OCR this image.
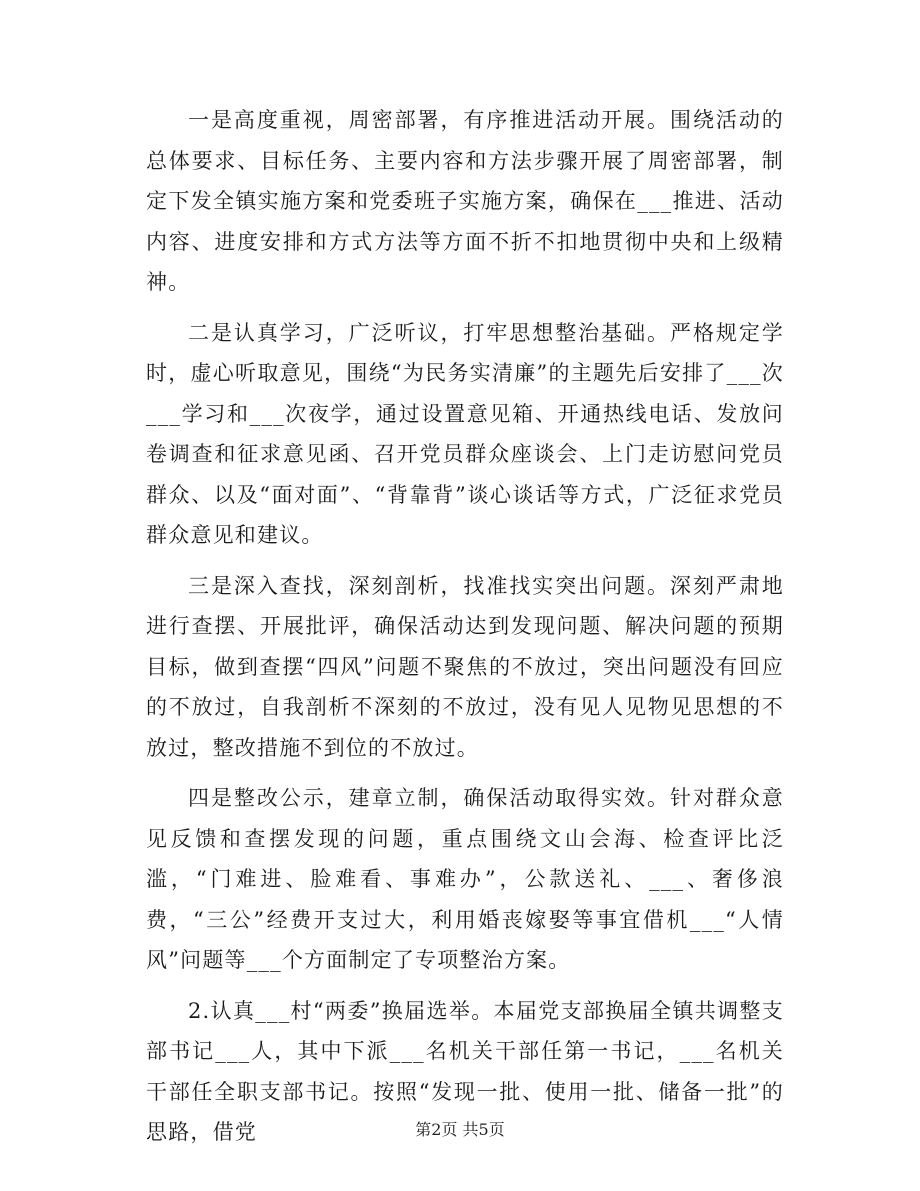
一是高度重视，周密部署，有序推进活动开展。围绕活动的总体要求、目标任务、主要内容和方法步骤开展了周密部署，制定下发全镇实施方案和党委班子实施方案，确保在___推进、活动内容、进度安排和方式方法等方面不折不扣地贯彻中央和上级精神。

二是认真学习，广泛听议，打牢思想整治基础。严格规定学时，虚心听取意见，围绕“为民务实清廉”的主题先后安排了___次___学习和___次夜学，通过设置意见箱、开通热线电话、发放问卷调查和征求意见函、召开党员群众座谈会、上门走访慰问党员群众、以及“面对面”、“背靠背”谈心谈话等方式，广泛征求党员群众意见和建议。

三是深入查找，深刻剖析，找准找实突出问题。深刻严肃地进行查摆、开展批评，确保活动达到发现问题、解决问题的预期目标，做到查摆“四风”问题不聚焦的不放过，突出问题没有回应的不放过，自我剖析不深刻的不放过，没有见人见物见思想的不放过，整改措施不到位的不放过。

四是整改公示，建章立制，确保活动取得实效。针对群众意见反馈和查摆发现的问题，重点围绕文山会海、检查评比泛滥，“门难进、脸难看、事难办”，公款送礼、___、奢侈浪费，“三公”经费开支过大，利用婚丧嫁娶等事宜借机___“人情风”问题等___个方面制定了专项整治方案。

2.认真___村“两委”换届选举。本届党支部换届全镇共调整支部书记___人，其中下派___名机关干部任第一书记，___名机关干部任全职支部书记。按照“发现一批、使用一批、储备一批”的思路，借党	第2页 共5页
